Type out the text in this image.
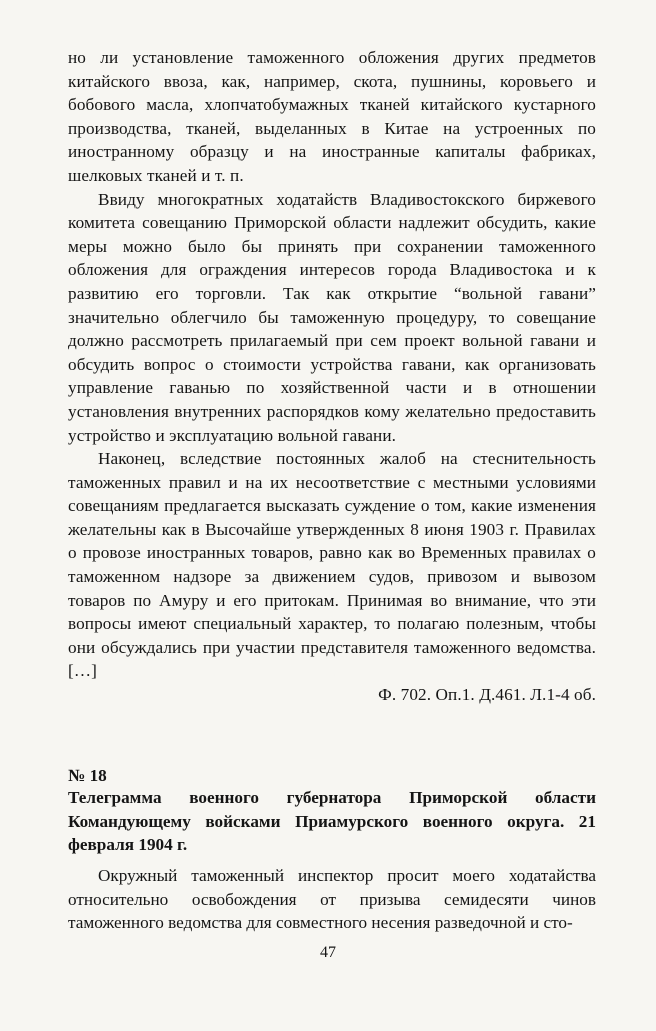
но ли установление таможенного обложения других предметов китайского ввоза, как, например, скота, пушнины, коровьего и бобового масла, хлопчатобумажных тканей китайского кустарного производства, тканей, выделанных в Китае на устроенных по иностранному образцу и на иностранные капиталы фабриках, шелковых тканей и т. п.

Ввиду многократных ходатайств Владивостокского биржевого комитета совещанию Приморской области надлежит обсудить, какие меры можно было бы принять при сохранении таможенного обложения для ограждения интересов города Владивостока и к развитию его торговли. Так как открытие “вольной гавани” значительно облегчило бы таможенную процедуру, то совещание должно рассмотреть прилагаемый при сем проект вольной гавани и обсудить вопрос о стоимости устройства гавани, как организовать управление гаванью по хозяйственной части и в отношении установления внутренних распорядков кому желательно предоставить устройство и эксплуатацию вольной гавани.

Наконец, вследствие постоянных жалоб на стеснительность таможенных правил и на их несоответствие с местными условиями совещаниям предлагается высказать суждение о том, какие изменения желательны как в Высочайше утвержденных 8 июня 1903 г. Правилах о провозе иностранных товаров, равно как во Временных правилах о таможенном надзоре за движением судов, привозом и вывозом товаров по Амуру и его притокам. Принимая во внимание, что эти вопросы имеют специальный характер, то полагаю полезным, чтобы они обсуждались при участии представителя таможенного ведомства. […]

Ф. 702. Оп.1. Д.461. Л.1-4 об.

№ 18
Телеграмма военного губернатора Приморской области Командующему войсками Приамурского военного округа. 21 февраля 1904 г.
Окружный таможенный инспектор просит моего ходатайства относительно освобождения от призыва семидесяти чинов таможенного ведомства для совместного несения разведочной и сто-
47
